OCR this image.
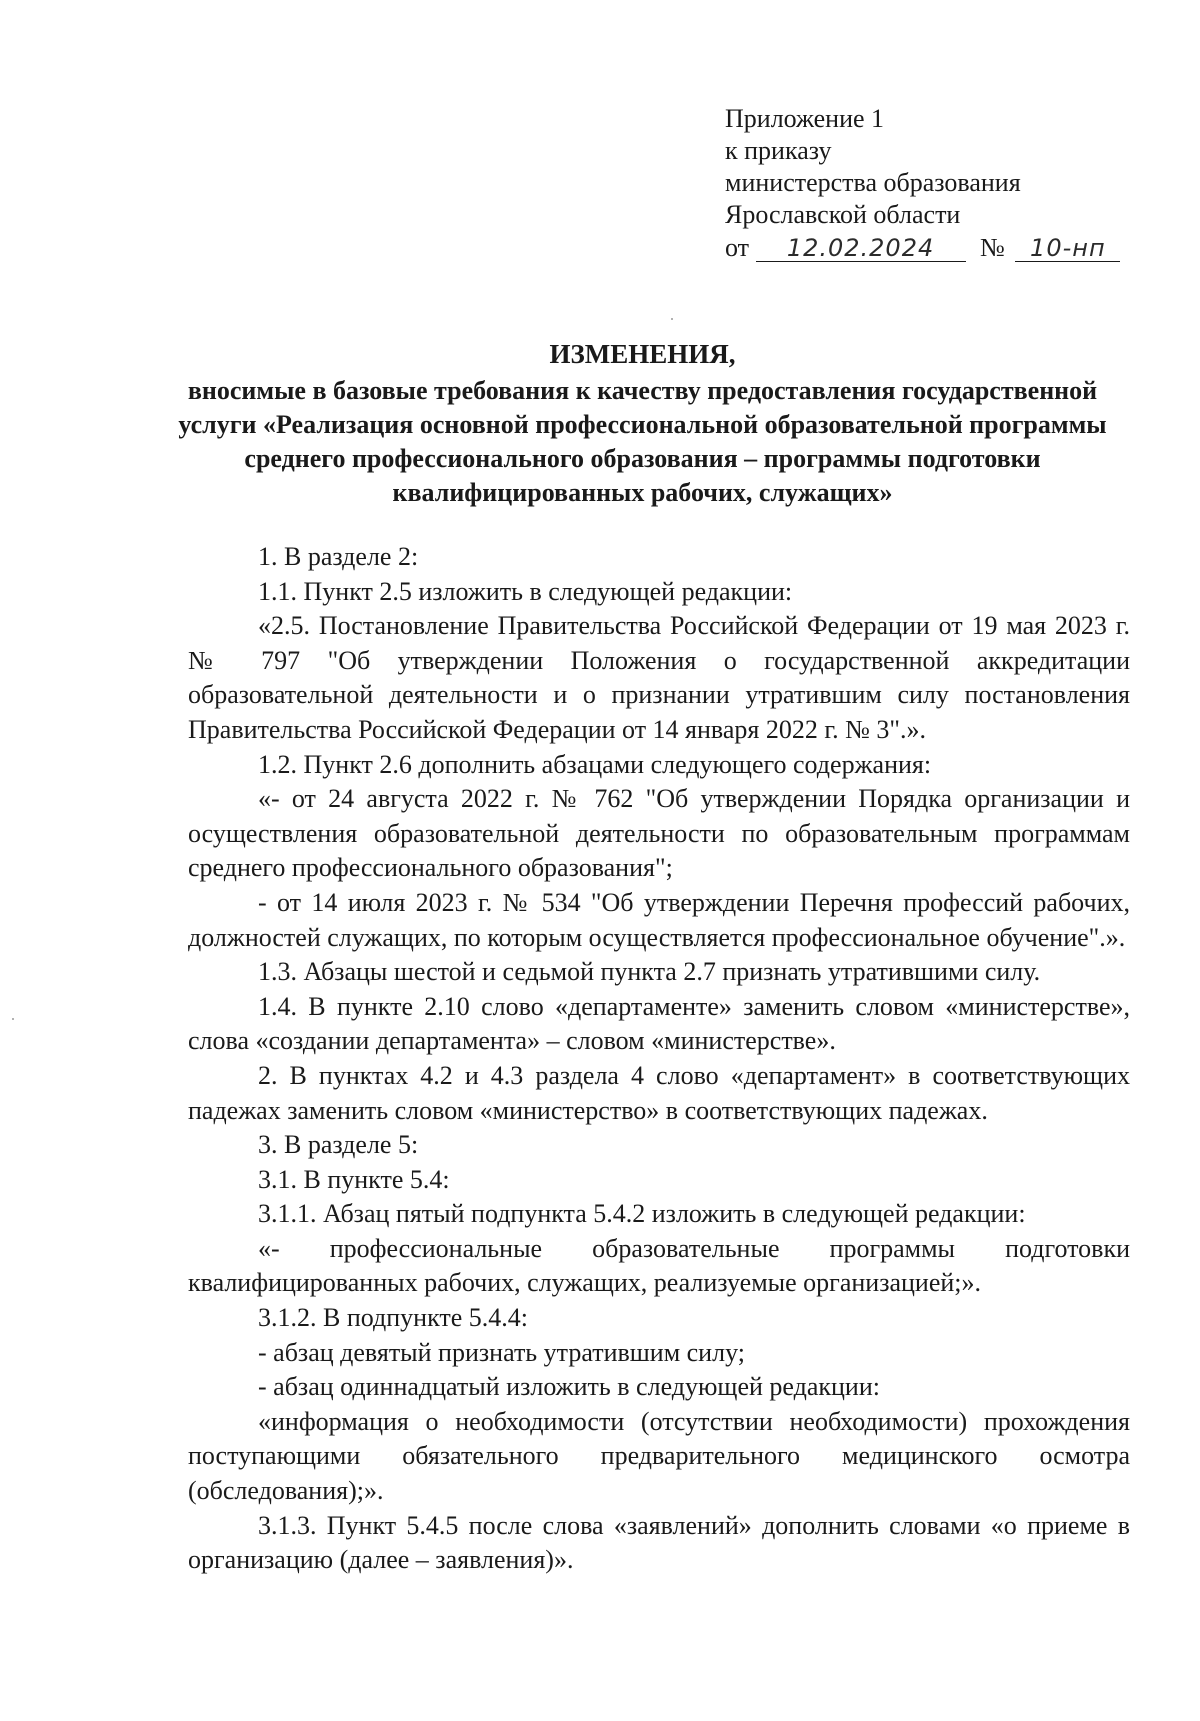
Приложение 1
к приказу
министерства образования
Ярославской области
от 12.02.2024 № 10-нп

ИЗМЕНЕНИЯ,

вносимые в базовые требования к качеству предоставления государственной услуги «Реализация основной профессиональной образовательной программы среднего профессионального образования – программы подготовки квалифицированных рабочих, служащих»

1. В разделе 2:

1.1. Пункт 2.5 изложить в следующей редакции:

«2.5. Постановление Правительства Российской Федерации от 19 мая 2023 г. № 797 "Об утверждении Положения о государственной аккредитации образовательной деятельности и о признании утратившим силу постановления Правительства Российской Федерации от 14 января 2022 г. № 3".».

1.2. Пункт 2.6 дополнить абзацами следующего содержания:

«- от 24 августа 2022 г. № 762 "Об утверждении Порядка организации и осуществления образовательной деятельности по образовательным программам среднего профессионального образования";

- от 14 июля 2023 г. № 534 "Об утверждении Перечня профессий рабочих, должностей служащих, по которым осуществляется профессиональное обучение".».

1.3. Абзацы шестой и седьмой пункта 2.7 признать утратившими силу.

1.4. В пункте 2.10 слово «департаменте» заменить словом «министерстве», слова «создании департамента» – словом «министерстве».

2. В пунктах 4.2 и 4.3 раздела 4 слово «департамент» в соответствующих падежах заменить словом «министерство» в соответствующих падежах.

3. В разделе 5:

3.1. В пункте 5.4:

3.1.1. Абзац пятый подпункта 5.4.2 изложить в следующей редакции:

«- профессиональные образовательные программы подготовки квалифицированных рабочих, служащих, реализуемые организацией;».

3.1.2. В подпункте 5.4.4:

- абзац девятый признать утратившим силу;

- абзац одиннадцатый изложить в следующей редакции:

«информация о необходимости (отсутствии необходимости) прохождения поступающими обязательного предварительного медицинского осмотра (обследования);».

3.1.3. Пункт 5.4.5 после слова «заявлений» дополнить словами «о приеме в организацию (далее – заявления)».
